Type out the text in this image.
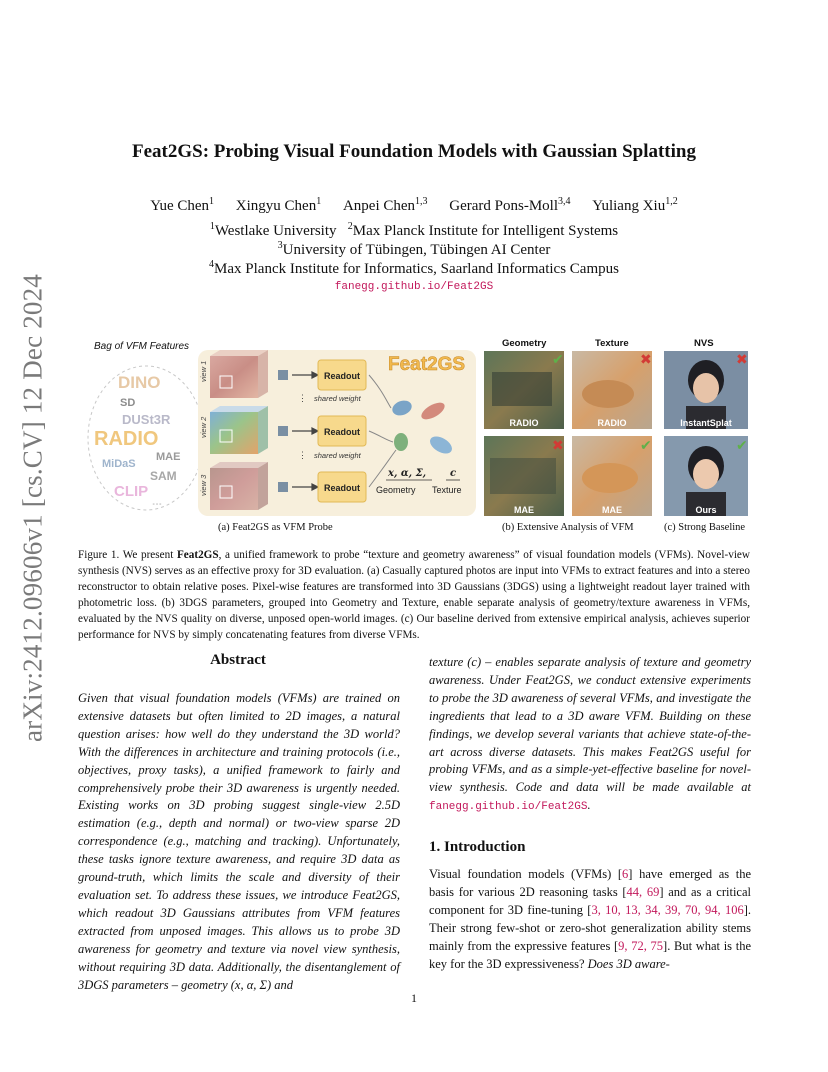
arXiv:2412.09606v1 [cs.CV] 12 Dec 2024
Feat2GS: Probing Visual Foundation Models with Gaussian Splatting
Yue Chen$^1$ Xingyu Chen$^1$ Anpei Chen$^{1,3}$ Gerard Pons-Moll$^{3,4}$ Yuliang Xiu$^{1,2}$
$^1$Westlake University $^2$Max Planck Institute for Intelligent Systems
$^3$University of Tübingen, Tübingen AI Center
$^4$Max Planck Institute for Informatics, Saarland Informatics Campus
fanegg.github.io/Feat2GS
Bag of VFM Features
DINO
SD
DUSt3R
RADIO
MAE
MiDaS
SAM
CLIP
...
view 1
view 2
view 3
Readout
Readout
Readout
⋮ shared weight
⋮ shared weight
Feat2GS
x, α, Σ, c
Geometry Texture
RADIO
✔
MAE
✖
RADIO
✖
MAE
✔
InstantSplat
✖
Ours
✔
Geometry	Texture	NVS
(a) Feat2GS as VFM Probe	(b) Extensive Analysis of VFM	(c) Strong Baseline
Figure 1. We present Feat2GS, a unified framework to probe “texture and geometry awareness” of visual foundation models (VFMs). Novel-view synthesis (NVS) serves as an effective proxy for 3D evaluation. (a) Casually captured photos are input into VFMs to extract features and into a stereo reconstructor to obtain relative poses. Pixel-wise features are transformed into 3D Gaussians (3DGS) using a lightweight readout layer trained with photometric loss. (b) 3DGS parameters, grouped into Geometry and Texture, enable separate analysis of geometry/texture awareness in VFMs, evaluated by the NVS quality on diverse, unposed open-world images. (c) Our baseline derived from extensive empirical analysis, achieves superior performance for NVS by simply concatenating features from diverse VFMs.
Abstract
Given that visual foundation models (VFMs) are trained on extensive datasets but often limited to 2D images, a natural question arises: how well do they understand the 3D world? With the differences in architecture and training protocols (i.e., objectives, proxy tasks), a unified framework to fairly and comprehensively probe their 3D awareness is urgently needed. Existing works on 3D probing suggest single-view 2.5D estimation (e.g., depth and normal) or two-view sparse 2D correspondence (e.g., matching and tracking). Unfortunately, these tasks ignore texture awareness, and require 3D data as ground-truth, which limits the scale and diversity of their evaluation set. To address these issues, we introduce Feat2GS, which readout 3D Gaussians attributes from VFM features extracted from unposed images. This allows us to probe 3D awareness for geometry and texture via novel view synthesis, without requiring 3D data. Additionally, the disentanglement of 3DGS parameters – geometry (x, α, Σ) and
texture (c) – enables separate analysis of texture and geometry awareness. Under Feat2GS, we conduct extensive experiments to probe the 3D awareness of several VFMs, and investigate the ingredients that lead to a 3D aware VFM. Building on these findings, we develop several variants that achieve state-of-the-art across diverse datasets. This makes Feat2GS useful for probing VFMs, and as a simple-yet-effective baseline for novel-view synthesis. Code and data will be made available at fanegg.github.io/Feat2GS.
1. Introduction
Visual foundation models (VFMs) [6] have emerged as the basis for various 2D reasoning tasks [44, 69] and as a critical component for 3D fine-tuning [3, 10, 13, 34, 39, 70, 94, 106]. Their strong few-shot or zero-shot generalization ability stems mainly from the expressive features [9, 72, 75]. But what is the key for the 3D expressiveness? Does 3D aware-
1
